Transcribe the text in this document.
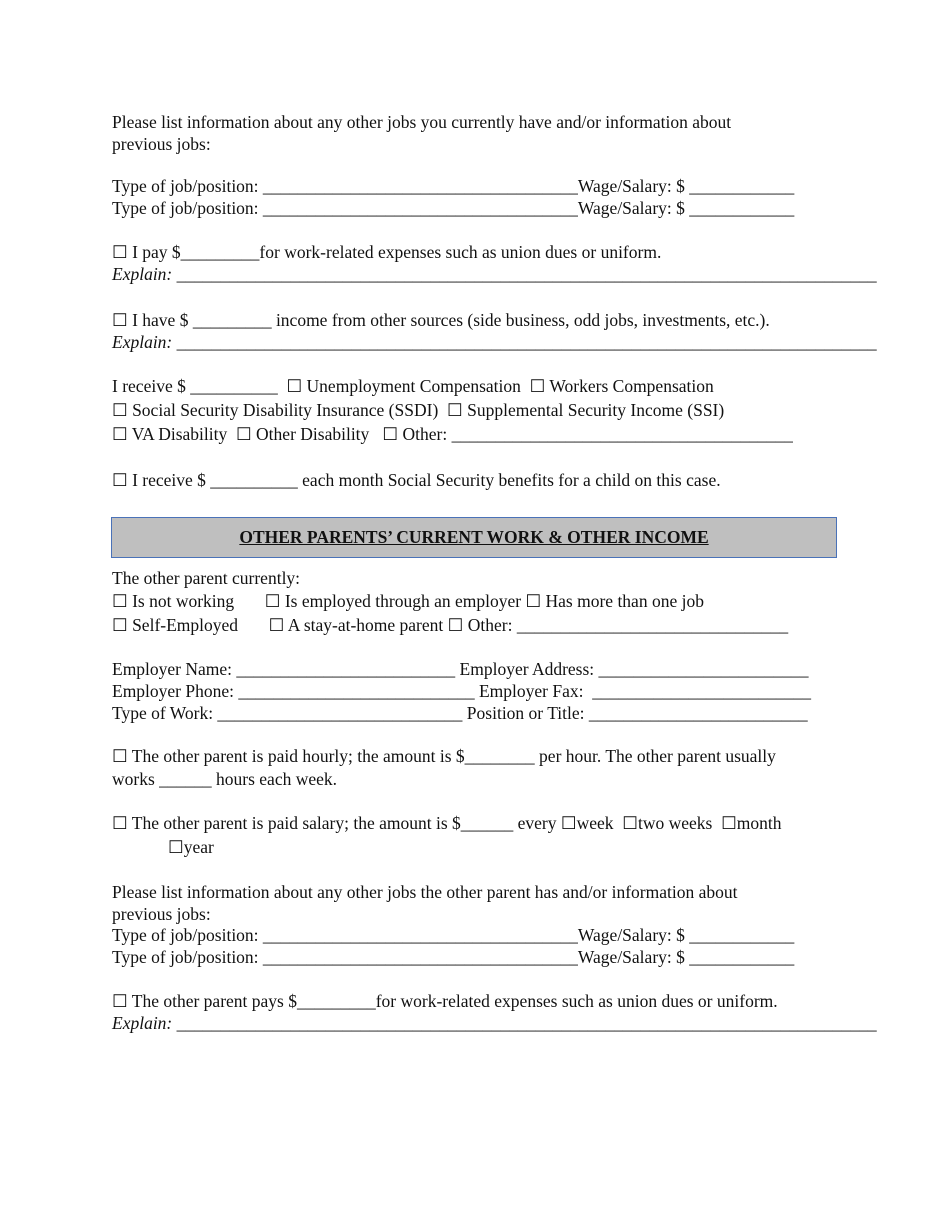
Please list information about any other jobs you currently have and/or information about
previous jobs:
Type of job/position: ____________________________________Wage/Salary: $ ____________
Type of job/position: ____________________________________Wage/Salary: $ ____________
☐ I pay $_________for work-related expenses such as union dues or uniform.
Explain: ________________________________________________________________________________
☐ I have $ _________ income from other sources (side business, odd jobs, investments, etc.).
Explain: ________________________________________________________________________________
I receive $ __________  ☐ Unemployment Compensation  ☐ Workers Compensation
☐ Social Security Disability Insurance (SSDI)  ☐ Supplemental Security Income (SSI)
☐ VA Disability  ☐ Other Disability   ☐ Other: _______________________________________
☐ I receive $ __________ each month Social Security benefits for a child on this case.
OTHER PARENTS’ CURRENT WORK & OTHER INCOME
The other parent currently:
☐ Is not working       ☐ Is employed through an employer ☐ Has more than one job
☐ Self-Employed       ☐ A stay-at-home parent ☐ Other: _______________________________
Employer Name: _________________________ Employer Address: ________________________
Employer Phone: ___________________________ Employer Fax:  _________________________
Type of Work: ____________________________ Position or Title: _________________________
☐ The other parent is paid hourly; the amount is $________ per hour. The other parent usually
works ______ hours each week.
☐ The other parent is paid salary; the amount is $______ every ☐week  ☐two weeks  ☐month
☐year
Please list information about any other jobs the other parent has and/or information about
previous jobs:
Type of job/position: ____________________________________Wage/Salary: $ ____________
Type of job/position: ____________________________________Wage/Salary: $ ____________
☐ The other parent pays $_________for work-related expenses such as union dues or uniform.
Explain: ________________________________________________________________________________
